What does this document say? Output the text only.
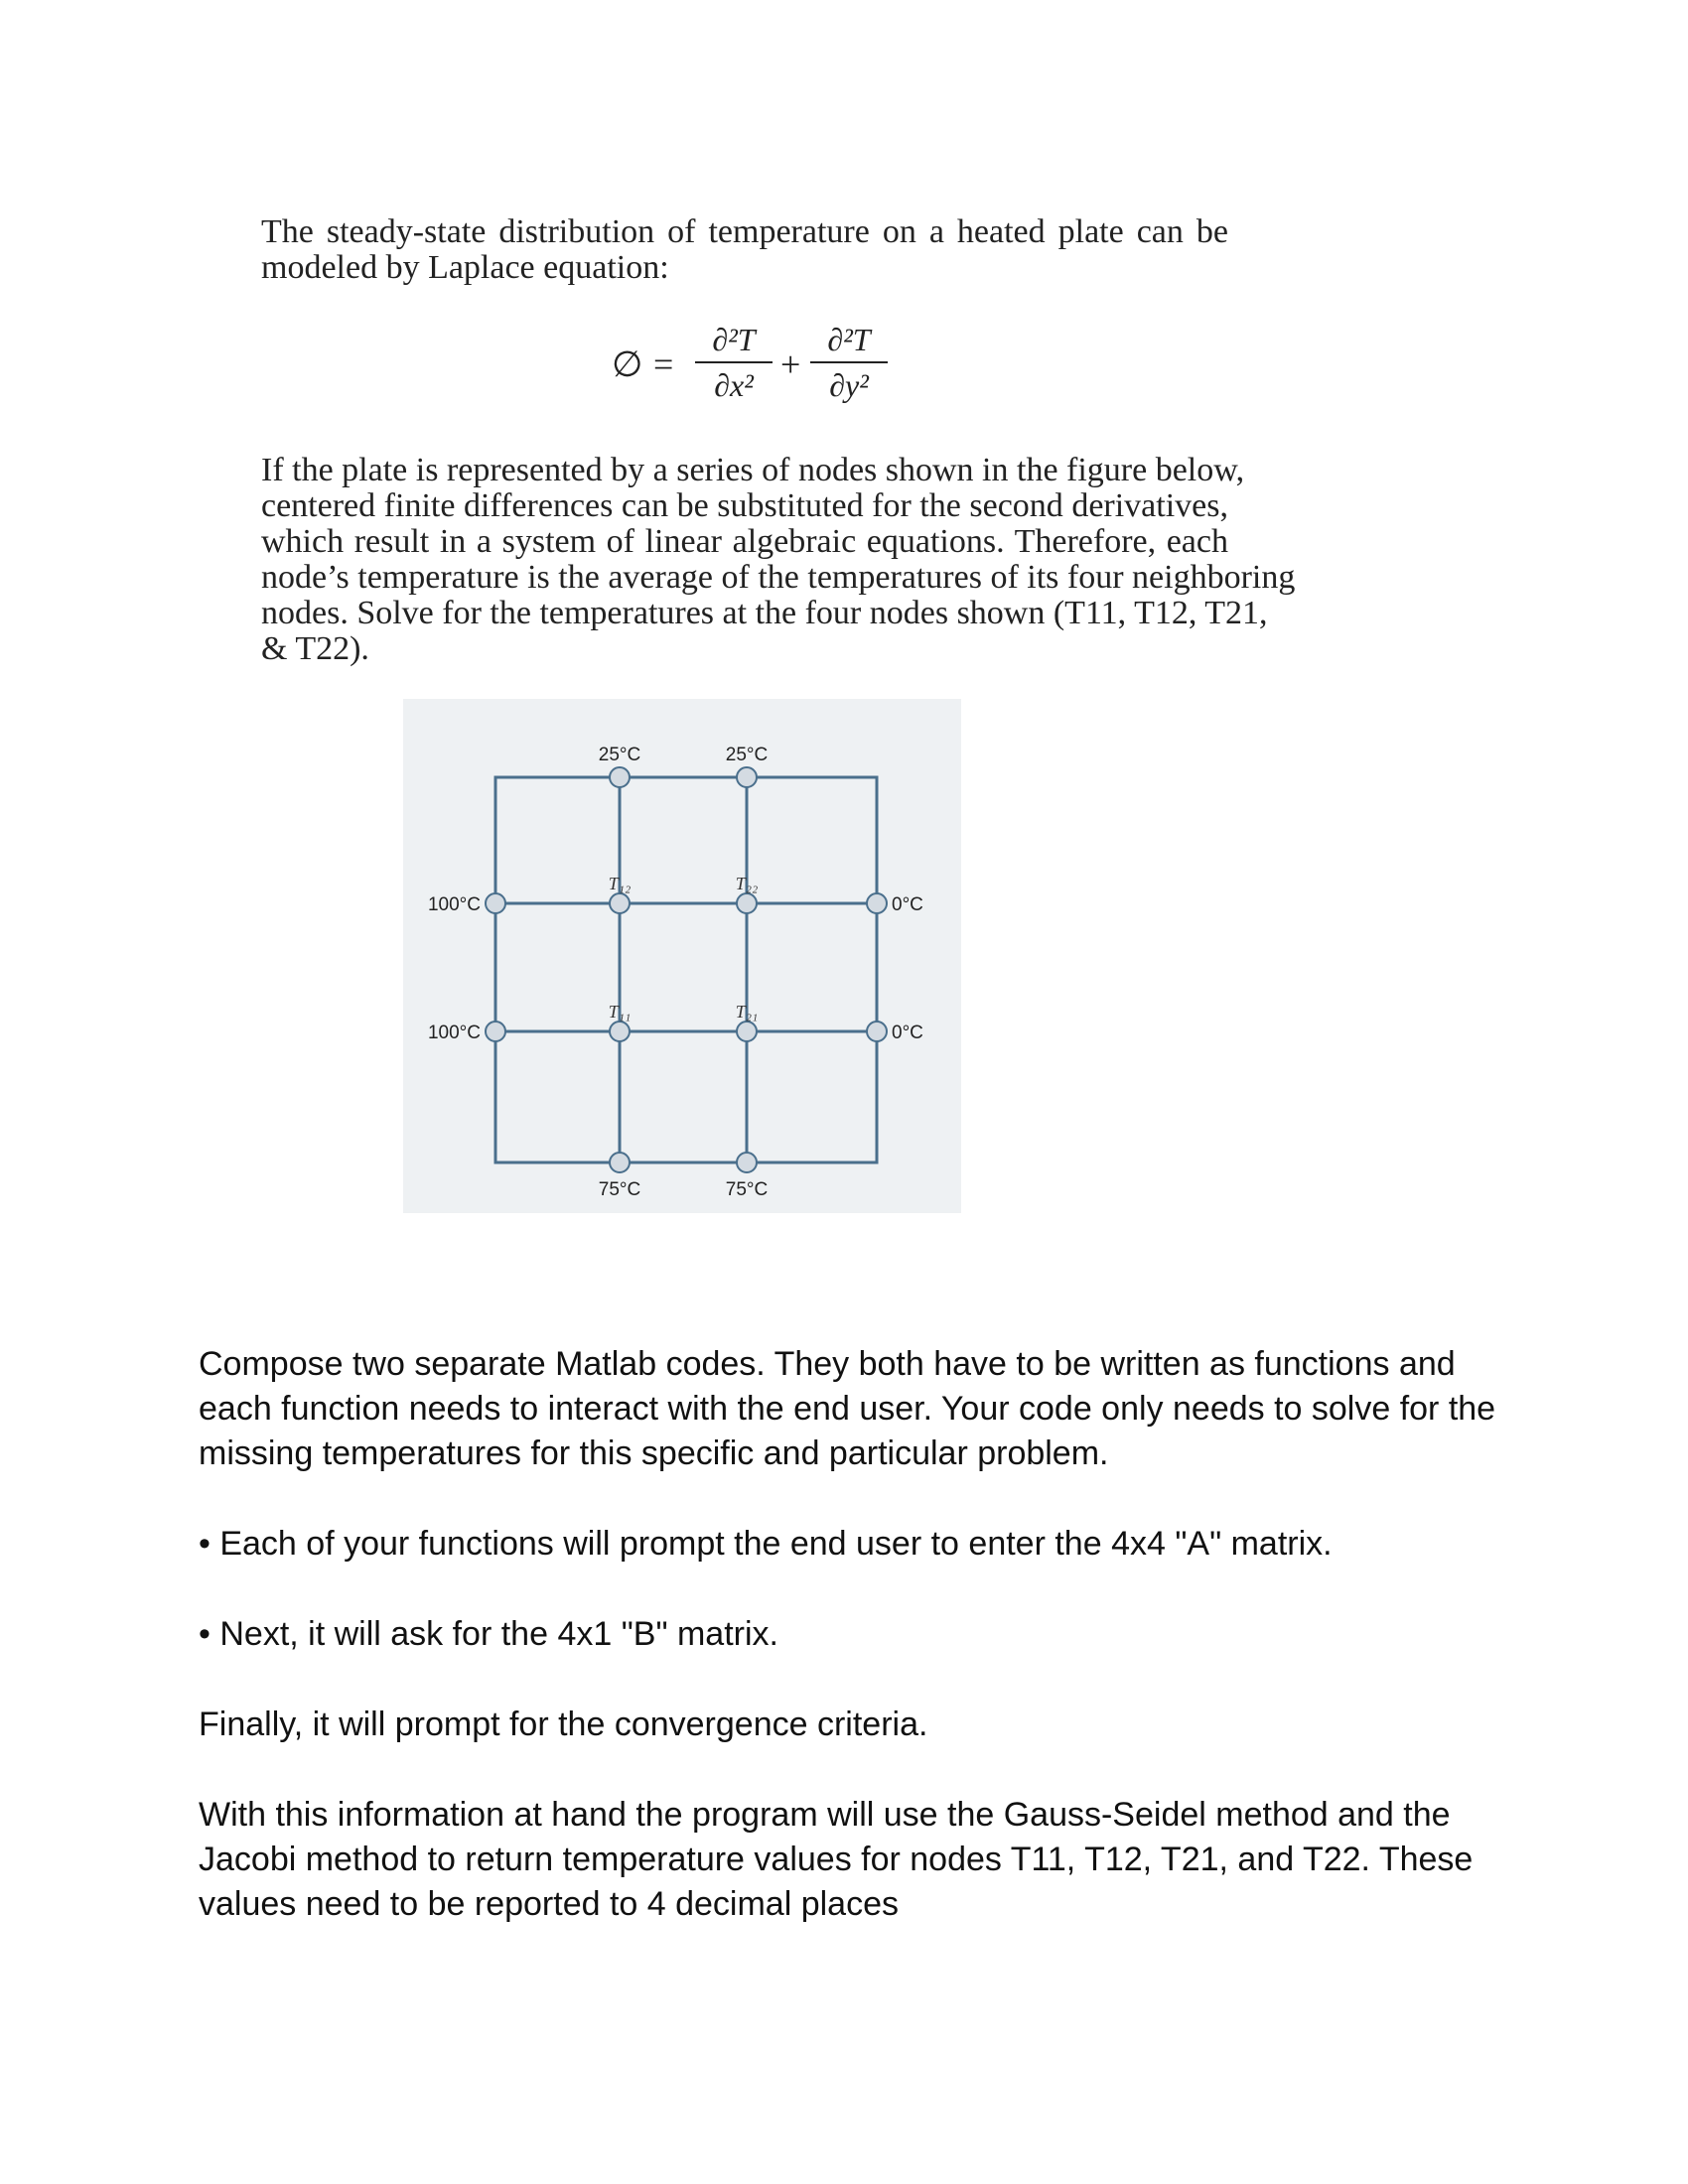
The steady-state distribution of temperature on a heated plate can be
modeled by Laplace equation:
∅ =
∂²T
∂x²
+
∂²T
∂y²
If the plate is represented by a series of nodes shown in the figure below,
centered finite differences can be substituted for the second derivatives,
which result in a system of linear algebraic equations. Therefore, each
node’s temperature is the average of the temperatures of its four neighboring
nodes. Solve for the temperatures at the four nodes shown (T11, T12, T21,
& T22).
25°C	25°C
100°C
100°C
0°C
0°C
75°C	75°C
T₁₂	T₂₂
T₁₁	T₂₁

Compose two separate Matlab codes. They both have to be written as functions and each function needs to interact with the end user. Your code only needs to solve for the missing temperatures for this specific and particular problem.

• Each of your functions will prompt the end user to enter the 4x4 "A" matrix.

• Next, it will ask for the 4x1 "B" matrix.

Finally, it will prompt for the convergence criteria.

With this information at hand the program will use the Gauss-Seidel method and the Jacobi method to return temperature values for nodes T11, T12, T21, and T22. These values need to be reported to 4 decimal places
